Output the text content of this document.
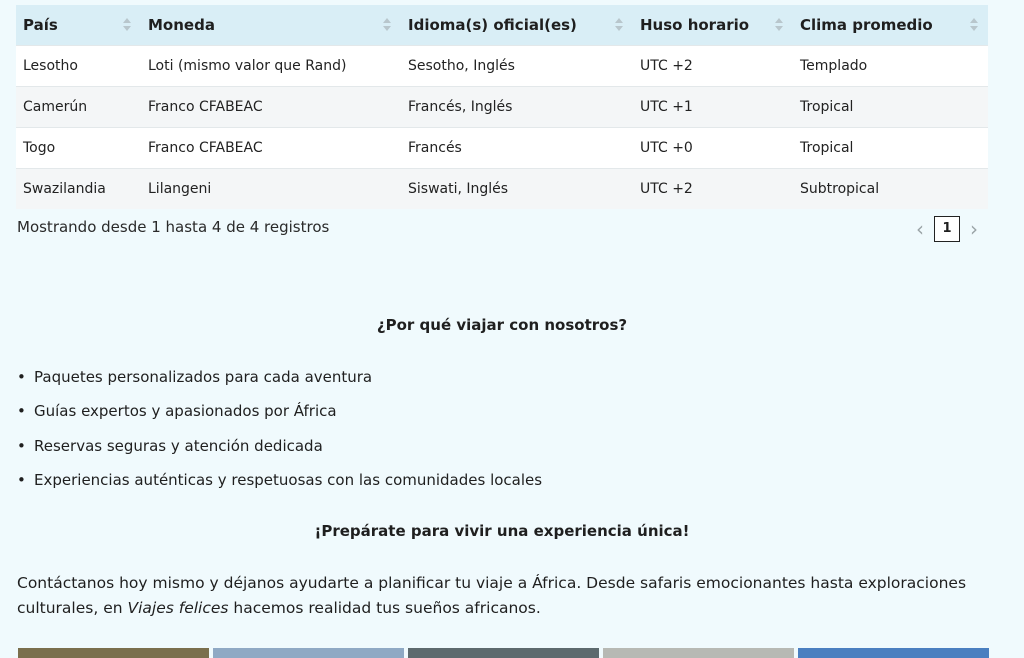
País	Moneda	Idioma(s) oficial(es)	Huso horario	Clima promedio

Lesotho	Loti (mismo valor que Rand)	Sesotho, Inglés	UTC +2	Templado
Camerún	Franco CFABEAC	Francés, Inglés	UTC +1	Tropical
Togo	Franco CFABEAC	Francés	UTC +0	Tropical
Swazilandia	Lilangeni	Siswati, Inglés	UTC +2	Subtropical
Mostrando desde 1 hasta 4 de 4 registros	‹	1 ›
¿Por qué viajar con nosotros?
• Paquetes personalizados para cada aventura
• Guías expertos y apasionados por África
• Reservas seguras y atención dedicada
• Experiencias auténticas y respetuosas con las comunidades locales
¡Prepárate para vivir una experiencia única!

Contáctanos hoy mismo y déjanos ayudarte a planificar tu viaje a África. Desde safaris emocionantes hasta exploraciones culturales, en Viajes felices hacemos realidad tus sueños africanos.
